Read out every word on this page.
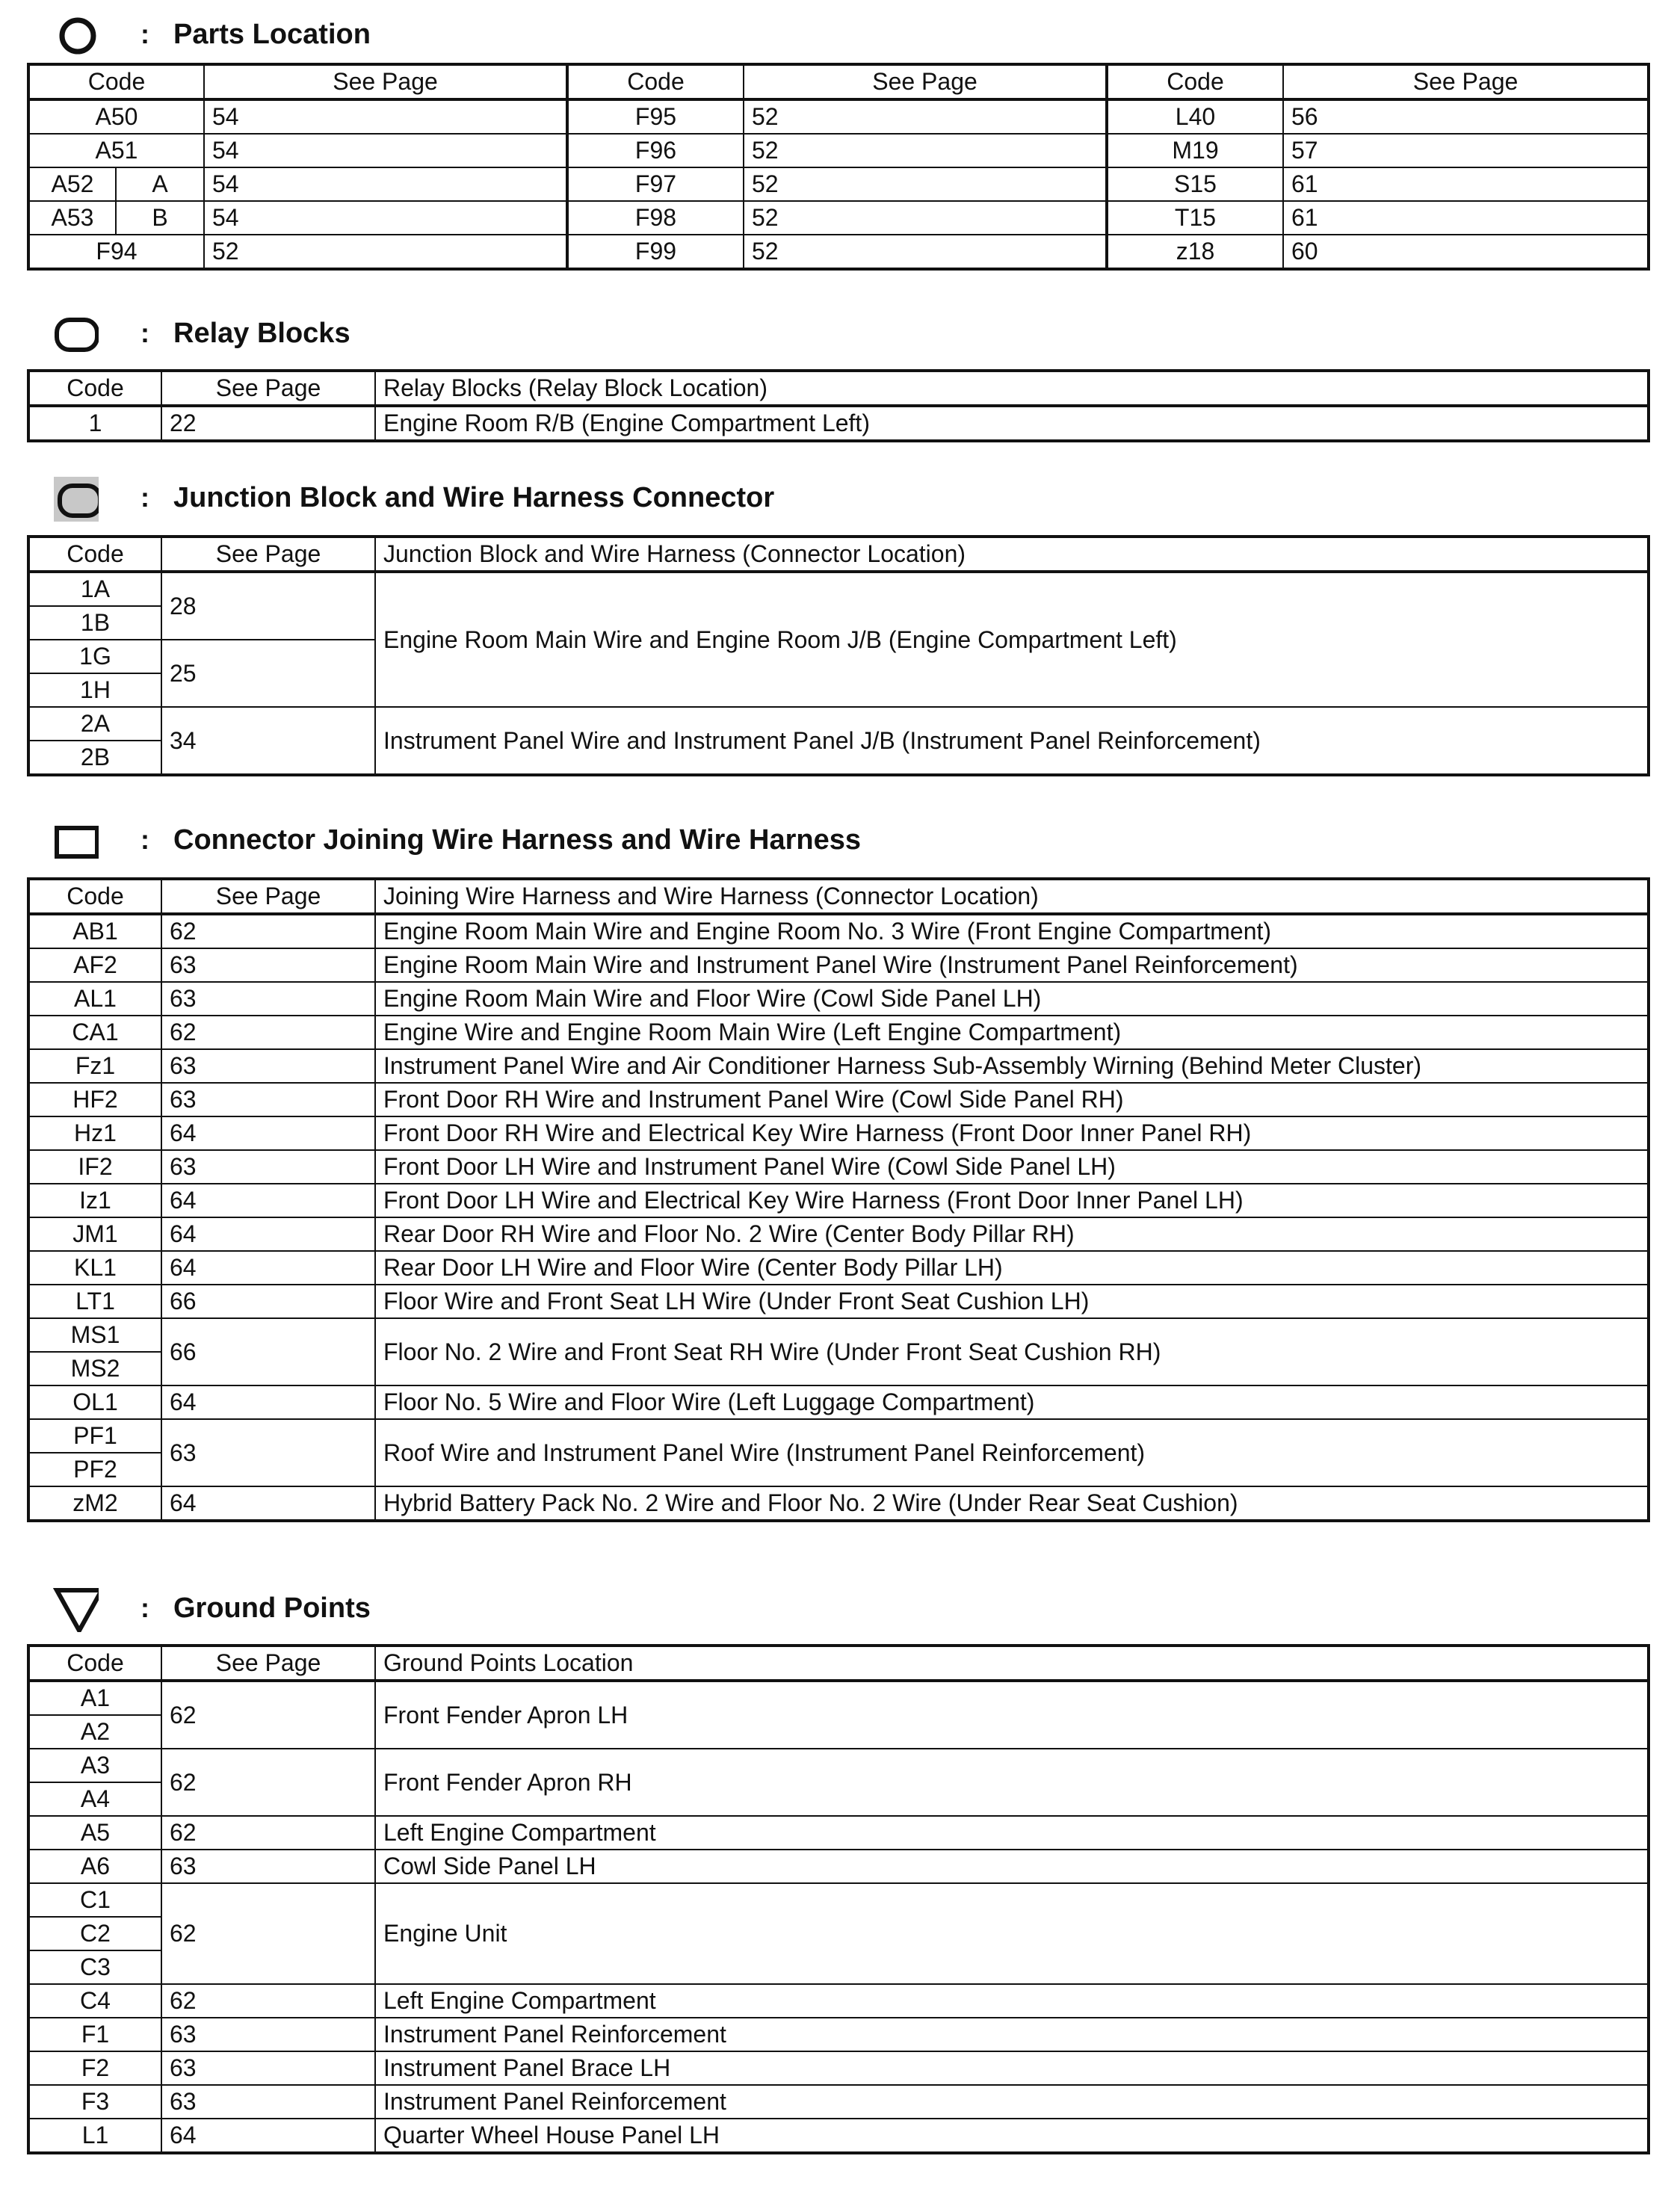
: Parts Location
Code		See Page	Code	See Page	Code	See Page
A50		54	F95	52	L40	56
A51		54	F96	52	M19	57
A52	A	54	F97	52	S15	61
A53	B	54	F98	52	T15	61
F94		52	F99	52	z18	60
: Relay Blocks
Code	See Page	Relay Blocks (Relay Block Location)
1	22	Engine Room R/B (Engine Compartment Left)
: Junction Block and Wire Harness Connector
Code	See Page	Junction Block and Wire Harness (Connector Location)
1A	28	Engine Room Main Wire and Engine Room J/B (Engine Compartment Left)
1B		
1G	25	
1H		
2A	34	Instrument Panel Wire and Instrument Panel J/B (Instrument Panel Reinforcement)
2B		
: Connector Joining Wire Harness and Wire Harness
Code	See Page	Joining Wire Harness and Wire Harness (Connector Location)
AB1	62	Engine Room Main Wire and Engine Room No. 3 Wire (Front Engine Compartment)
AF2	63	Engine Room Main Wire and Instrument Panel Wire (Instrument Panel Reinforcement)
AL1	63	Engine Room Main Wire and Floor Wire (Cowl Side Panel LH)
CA1	62	Engine Wire and Engine Room Main Wire (Left Engine Compartment)
Fz1	63	Instrument Panel Wire and Air Conditioner Harness Sub-Assembly Wirning (Behind Meter Cluster)
HF2	63	Front Door RH Wire and Instrument Panel Wire (Cowl Side Panel RH)
Hz1	64	Front Door RH Wire and Electrical Key Wire Harness (Front Door Inner Panel RH)
IF2	63	Front Door LH Wire and Instrument Panel Wire (Cowl Side Panel LH)
Iz1	64	Front Door LH Wire and Electrical Key Wire Harness (Front Door Inner Panel LH)
JM1	64	Rear Door RH Wire and Floor No. 2 Wire (Center Body Pillar RH)
KL1	64	Rear Door LH Wire and Floor Wire (Center Body Pillar LH)
LT1	66	Floor Wire and Front Seat LH Wire (Under Front Seat Cushion LH)
MS1	66	Floor No. 2 Wire and Front Seat RH Wire (Under Front Seat Cushion RH)
MS2		
OL1	64	Floor No. 5 Wire and Floor Wire (Left Luggage Compartment)
PF1	63	Roof Wire and Instrument Panel Wire (Instrument Panel Reinforcement)
PF2		
zM2	64	Hybrid Battery Pack No. 2 Wire and Floor No. 2 Wire (Under Rear Seat Cushion)
: Ground Points
Code	See Page	Ground Points Location
A1	62	Front Fender Apron LH
A2		
A3	62	Front Fender Apron RH
A4		
A5	62	Left Engine Compartment
A6	63	Cowl Side Panel LH
C1	62	Engine Unit
C2		
C3		
C4	62	Left Engine Compartment
F1	63	Instrument Panel Reinforcement
F2	63	Instrument Panel Brace LH
F3	63	Instrument Panel Reinforcement
L1	64	Quarter Wheel House Panel LH
